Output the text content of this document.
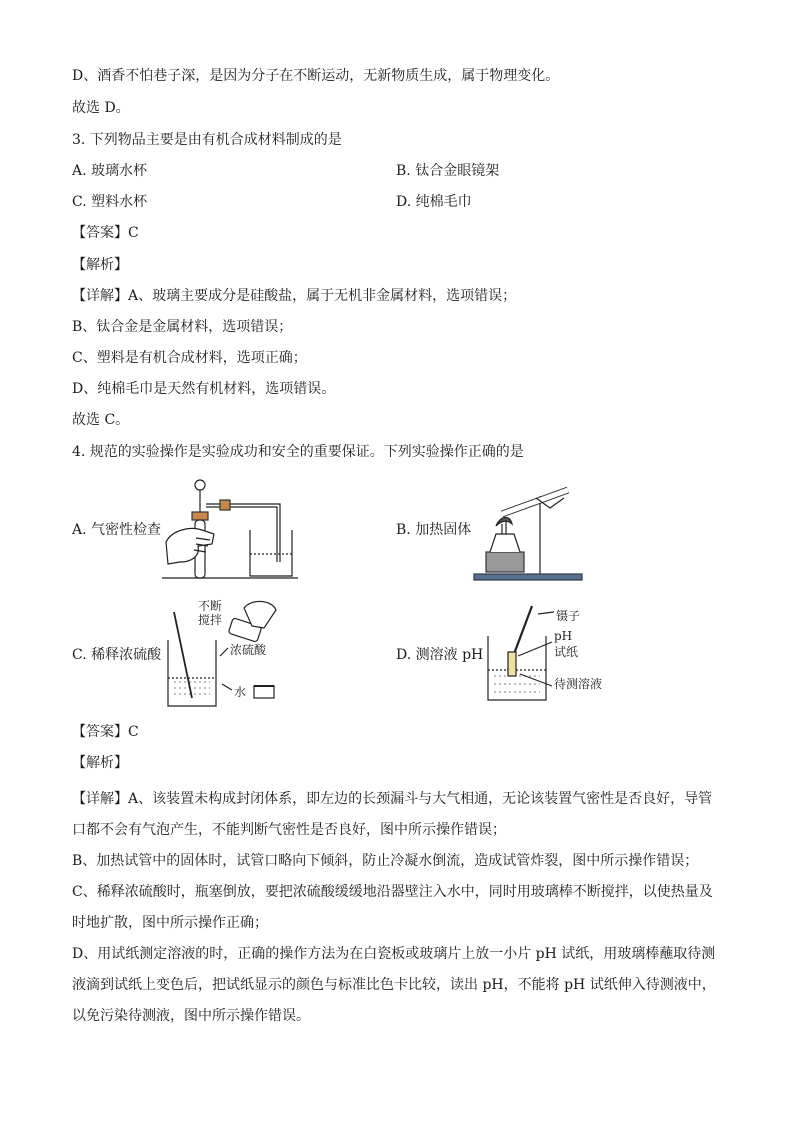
D、酒香不怕巷子深，是因为分子在不断运动，无新物质生成，属于物理变化。
故选 D。
3. 下列物品主要是由有机合成材料制成的是
A. 玻璃水杯	B. 钛合金眼镜架
C. 塑料水杯	D. 纯棉毛巾
【答案】C
【解析】
【详解】A、玻璃主要成分是硅酸盐，属于无机非金属材料，选项错误；
B、钛合金是金属材料，选项错误；
C、塑料是有机合成材料，选项正确；
D、纯棉毛巾是天然有机材料，选项错误。
故选 C。
4. 规范的实验操作是实验成功和安全的重要保证。下列实验操作正确的是
A. 气密性检查	B. 加热固体
C. 稀释浓硫酸	D. 测溶液 pH
不断
搅拌
浓硫酸
水
镊子
pH
试纸
待测溶液
【答案】C
【解析】
【详解】A、该装置未构成封闭体系，即左边的长颈漏斗与大气相通，无论该装置气密性是否良好，导管口都不会有气泡产生，不能判断气密性是否良好，图中所示操作错误；
B、加热试管中的固体时，试管口略向下倾斜，防止冷凝水倒流，造成试管炸裂，图中所示操作错误；
C、稀释浓硫酸时，瓶塞倒放，要把浓硫酸缓缓地沿器壁注入水中，同时用玻璃棒不断搅拌，以使热量及时地扩散，图中所示操作正确；
D、用试纸测定溶液的时，正确的操作方法为在白瓷板或玻璃片上放一小片 pH 试纸，用玻璃棒蘸取待测液滴到试纸上变色后，把试纸显示的颜色与标准比色卡比较，读出 pH，不能将 pH 试纸伸入待测液中，以免污染待测液，图中所示操作错误。
